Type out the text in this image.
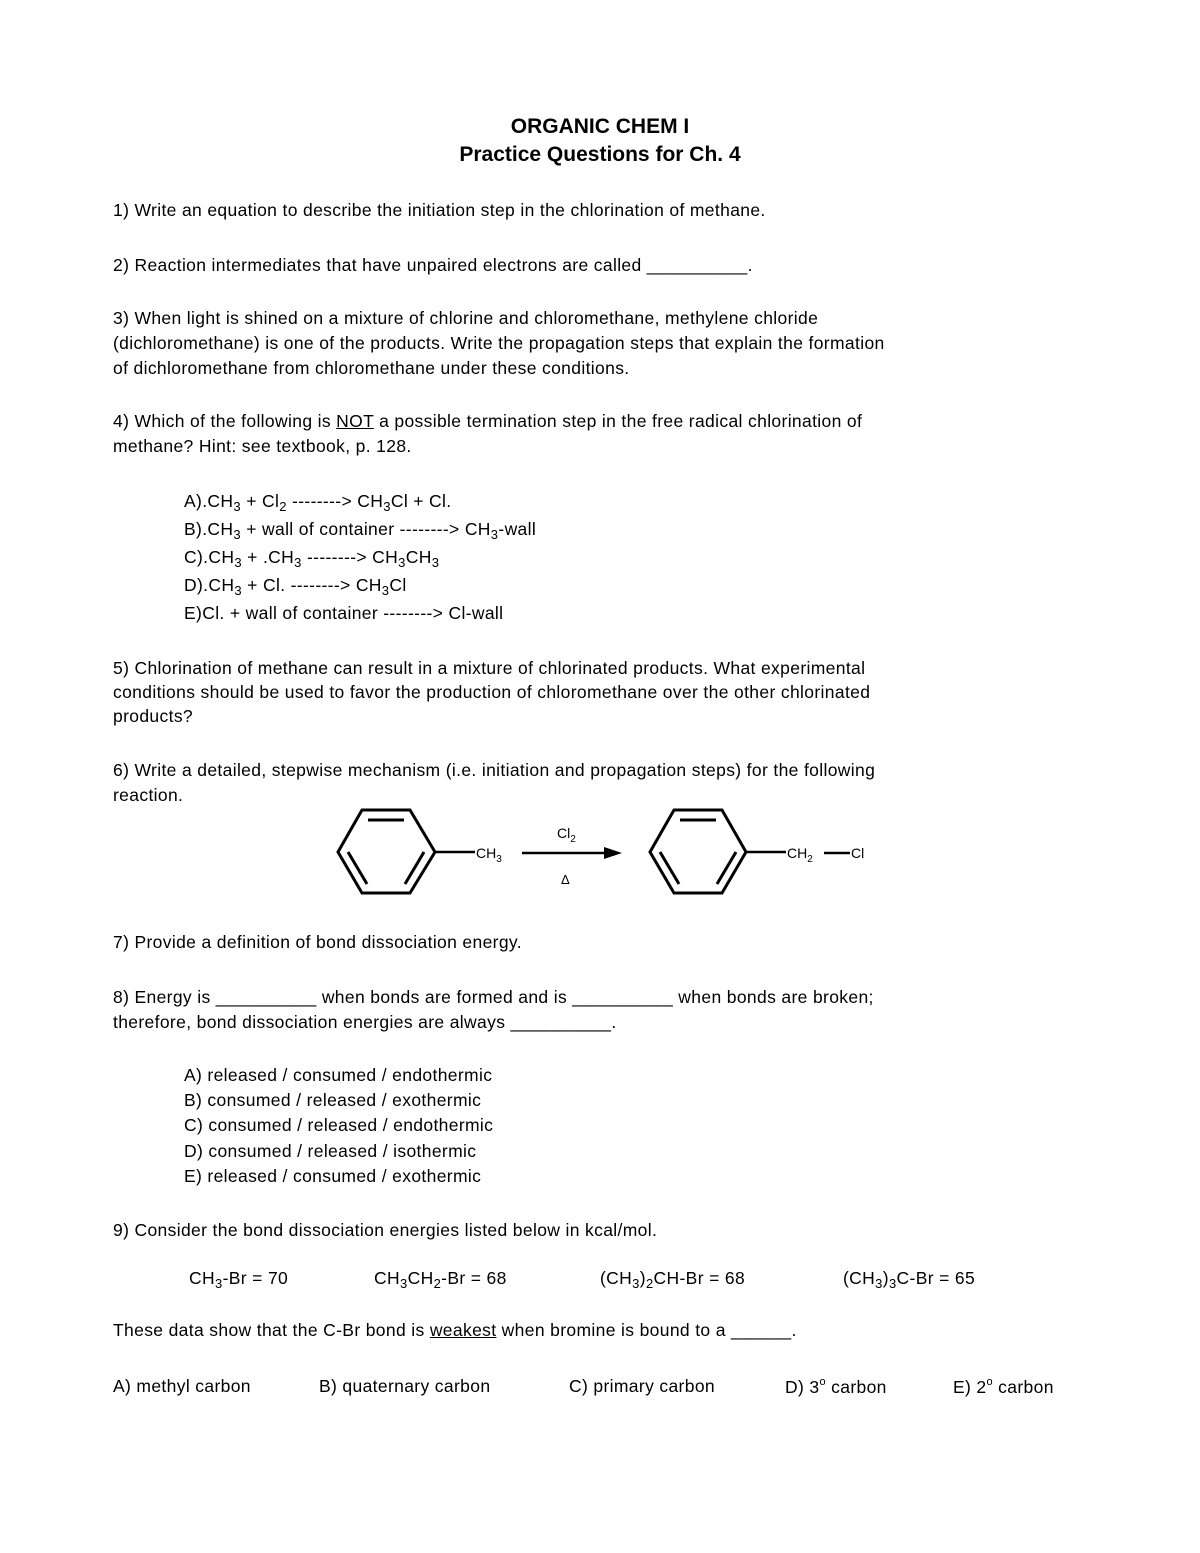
ORGANIC CHEM I
Practice Questions for Ch. 4
1) Write an equation to describe the initiation step in the chlorination of methane.
2) Reaction intermediates that have unpaired electrons are called __________.
3) When light is shined on a mixture of chlorine and chloromethane, methylene chloride
(dichloromethane) is one of the products. Write the propagation steps that explain the formation
of dichloromethane from chloromethane under these conditions.
4) Which of the following is NOT a possible termination step in the free radical chlorination of
methane? Hint: see textbook, p. 128.
$A).CH_3 + Cl_2$ --------> $CH_3Cl + Cl$.
$B).CH_3$ + wall of container --------> $CH_3$-wall
$C).CH_3 + .CH_3$ --------> $CH_3CH_3$
$D).CH_3 + Cl$. --------> $CH_3Cl$
E)Cl. + wall of container --------> Cl-wall
5) Chlorination of methane can result in a mixture of chlorinated products. What experimental
conditions should be used to favor the production of chloromethane over the other chlorinated
products?
6) Write a detailed, stepwise mechanism (i.e. initiation and propagation steps) for the following
reaction.
$CH_3$
$Cl_2$
Δ
$CH_2$	Cl
7) Provide a definition of bond dissociation energy.
8) Energy is __________ when bonds are formed and is __________ when bonds are broken;
therefore, bond dissociation energies are always __________.
A) released / consumed / endothermic
B) consumed / released / exothermic
C) consumed / released / endothermic
D) consumed / released / isothermic
E) released / consumed / exothermic
9) Consider the bond dissociation energies listed below in kcal/mol.
$CH_3-Br = 70$	$CH_3CH_2-Br = 68$	$(CH_3)_2CH-Br = 68$	$(CH_3)_3C-Br = 65$
These data show that the C-Br bond is weakest when bromine is bound to a ______.
A) methyl carbon	B) quaternary carbon	C) primary carbon	D) 3$^o$ carbon	E) 2$^o$ carbon
